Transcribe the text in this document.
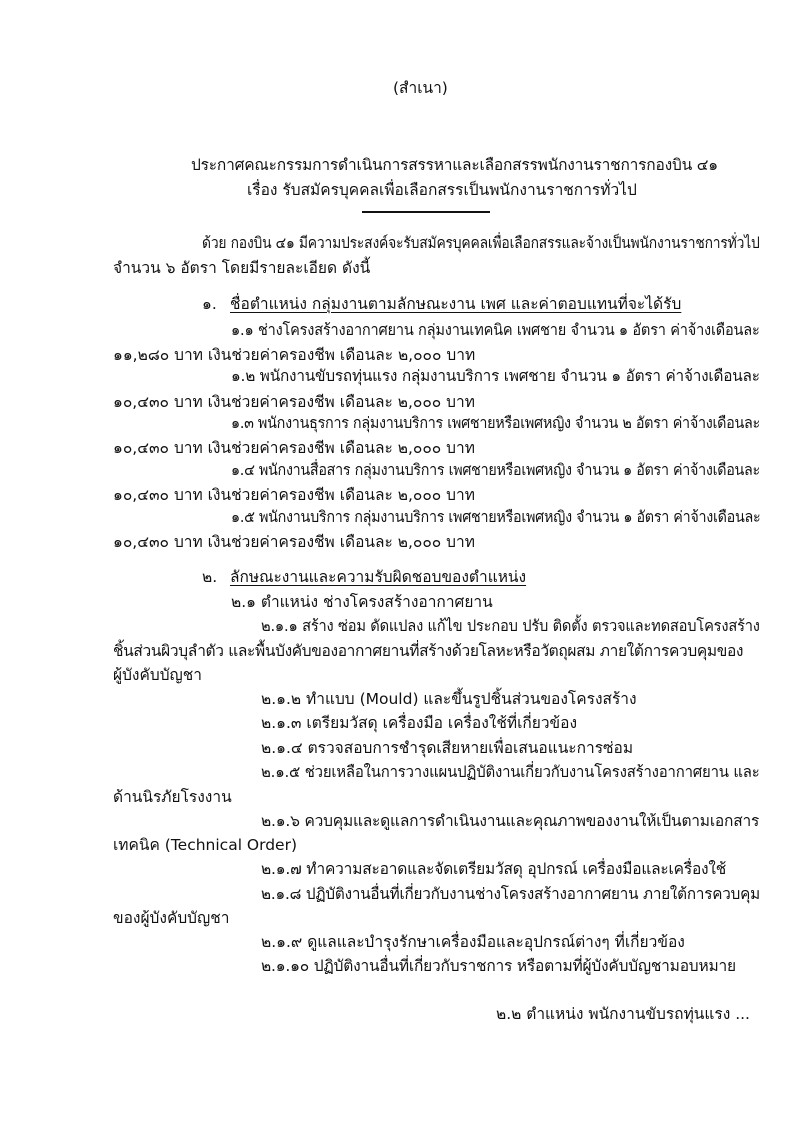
(สำเนา)
ประกาศคณะกรรมการดำเนินการสรรหาและเลือกสรรพนักงานราชการกองบิน ๔๑
เรื่อง รับสมัครบุคคลเพื่อเลือกสรรเป็นพนักงานราชการทั่วไป
ด้วย กองบิน ๔๑ มีความประสงค์จะรับสมัครบุคคลเพื่อเลือกสรรและจ้างเป็นพนักงานราชการทั่วไป
จำนวน ๖ อัตรา โดยมีรายละเอียด ดังนี้
๑. ชื่อตำแหน่ง กลุ่มงานตามลักษณะงาน เพศ และค่าตอบแทนที่จะได้รับ
๑.๑ ช่างโครงสร้างอากาศยาน กลุ่มงานเทคนิค เพศชาย จำนวน ๑ อัตรา ค่าจ้างเดือนละ
๑๑,๒๘๐ บาท เงินช่วยค่าครองชีพ เดือนละ ๒,๐๐๐ บาท
๑.๒ พนักงานขับรถทุ่นแรง กลุ่มงานบริการ เพศชาย จำนวน ๑ อัตรา ค่าจ้างเดือนละ
๑๐,๔๓๐ บาท เงินช่วยค่าครองชีพ เดือนละ ๒,๐๐๐ บาท
๑.๓ พนักงานธุรการ กลุ่มงานบริการ เพศชายหรือเพศหญิง จำนวน ๒ อัตรา ค่าจ้างเดือนละ
๑๐,๔๓๐ บาท เงินช่วยค่าครองชีพ เดือนละ ๒,๐๐๐ บาท
๑.๔ พนักงานสื่อสาร กลุ่มงานบริการ เพศชายหรือเพศหญิง จำนวน ๑ อัตรา ค่าจ้างเดือนละ
๑๐,๔๓๐ บาท เงินช่วยค่าครองชีพ เดือนละ ๒,๐๐๐ บาท
๑.๕ พนักงานบริการ กลุ่มงานบริการ เพศชายหรือเพศหญิง จำนวน ๑ อัตรา ค่าจ้างเดือนละ
๑๐,๔๓๐ บาท เงินช่วยค่าครองชีพ เดือนละ ๒,๐๐๐ บาท
๒. ลักษณะงานและความรับผิดชอบของตำแหน่ง
๒.๑ ตำแหน่ง ช่างโครงสร้างอากาศยาน
๒.๑.๑ สร้าง ซ่อม ดัดแปลง แก้ไข ประกอบ ปรับ ติดตั้ง ตรวจและทดสอบโครงสร้าง
ชิ้นส่วนผิวบุลำตัว และพื้นบังคับของอากาศยานที่สร้างด้วยโลหะหรือวัตถุผสม ภายใต้การควบคุมของ
ผู้บังคับบัญชา
๒.๑.๒ ทำแบบ (Mould) และขึ้นรูปชิ้นส่วนของโครงสร้าง
๒.๑.๓ เตรียมวัสดุ เครื่องมือ เครื่องใช้ที่เกี่ยวข้อง
๒.๑.๔ ตรวจสอบการชำรุดเสียหายเพื่อเสนอแนะการซ่อม
๒.๑.๕ ช่วยเหลือในการวางแผนปฏิบัติงานเกี่ยวกับงานโครงสร้างอากาศยาน และ
ด้านนิรภัยโรงงาน
๒.๑.๖ ควบคุมและดูแลการดำเนินงานและคุณภาพของงานให้เป็นตามเอกสาร
เทคนิค (Technical Order)
๒.๑.๗ ทำความสะอาดและจัดเตรียมวัสดุ อุปกรณ์ เครื่องมือและเครื่องใช้
๒.๑.๘ ปฏิบัติงานอื่นที่เกี่ยวกับงานช่างโครงสร้างอากาศยาน ภายใต้การควบคุม
ของผู้บังคับบัญชา
๒.๑.๙ ดูแลและบำรุงรักษาเครื่องมือและอุปกรณ์ต่างๆ ที่เกี่ยวข้อง
๒.๑.๑๐ ปฏิบัติงานอื่นที่เกี่ยวกับราชการ หรือตามที่ผู้บังคับบัญชามอบหมาย
๒.๒ ตำแหน่ง พนักงานขับรถทุ่นแรง ...
